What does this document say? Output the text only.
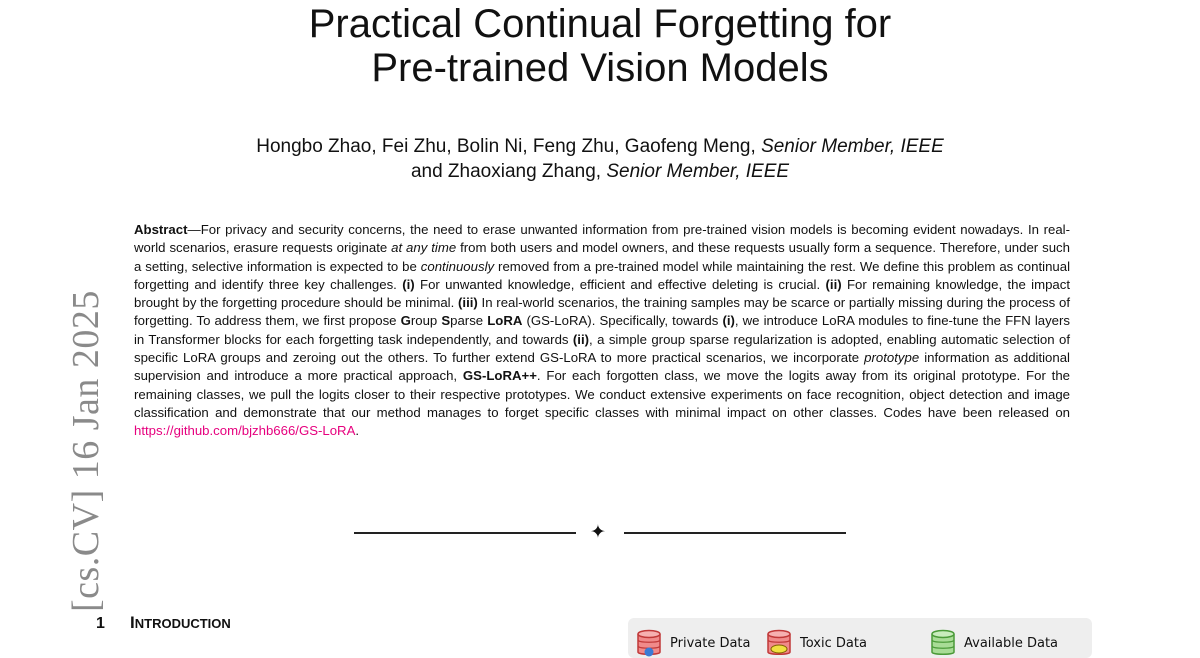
[cs.CV] 16 Jan 2025
Practical Continual Forgetting for
Pre-trained Vision Models
Hongbo Zhao, Fei Zhu, Bolin Ni, Feng Zhu, Gaofeng Meng, Senior Member, IEEE
and Zhaoxiang Zhang, Senior Member, IEEE
Abstract—For privacy and security concerns, the need to erase unwanted information from pre-trained vision models is becoming evident nowadays. In real-world scenarios, erasure requests originate at any time from both users and model owners, and these requests usually form a sequence. Therefore, under such a setting, selective information is expected to be continuously removed from a pre-trained model while maintaining the rest. We define this problem as continual forgetting and identify three key challenges. (i) For unwanted knowledge, efficient and effective deleting is crucial. (ii) For remaining knowledge, the impact brought by the forgetting procedure should be minimal. (iii) In real-world scenarios, the training samples may be scarce or partially missing during the process of forgetting. To address them, we first propose Group Sparse LoRA (GS-LoRA). Specifically, towards (i), we introduce LoRA modules to fine-tune the FFN layers in Transformer blocks for each forgetting task independently, and towards (ii), a simple group sparse regularization is adopted, enabling automatic selection of specific LoRA groups and zeroing out the others. To further extend GS-LoRA to more practical scenarios, we incorporate prototype information as additional supervision and introduce a more practical approach, GS-LoRA++. For each forgotten class, we move the logits away from its original prototype. For the remaining classes, we pull the logits closer to their respective prototypes. We conduct extensive experiments on face recognition, object detection and image classification and demonstrate that our method manages to forget specific classes with minimal impact on other classes. Codes have been released on https://github.com/bjzhb666/GS-LoRA.
✦
1 INTRODUCTION
Private Data	Toxic Data	Available Data
